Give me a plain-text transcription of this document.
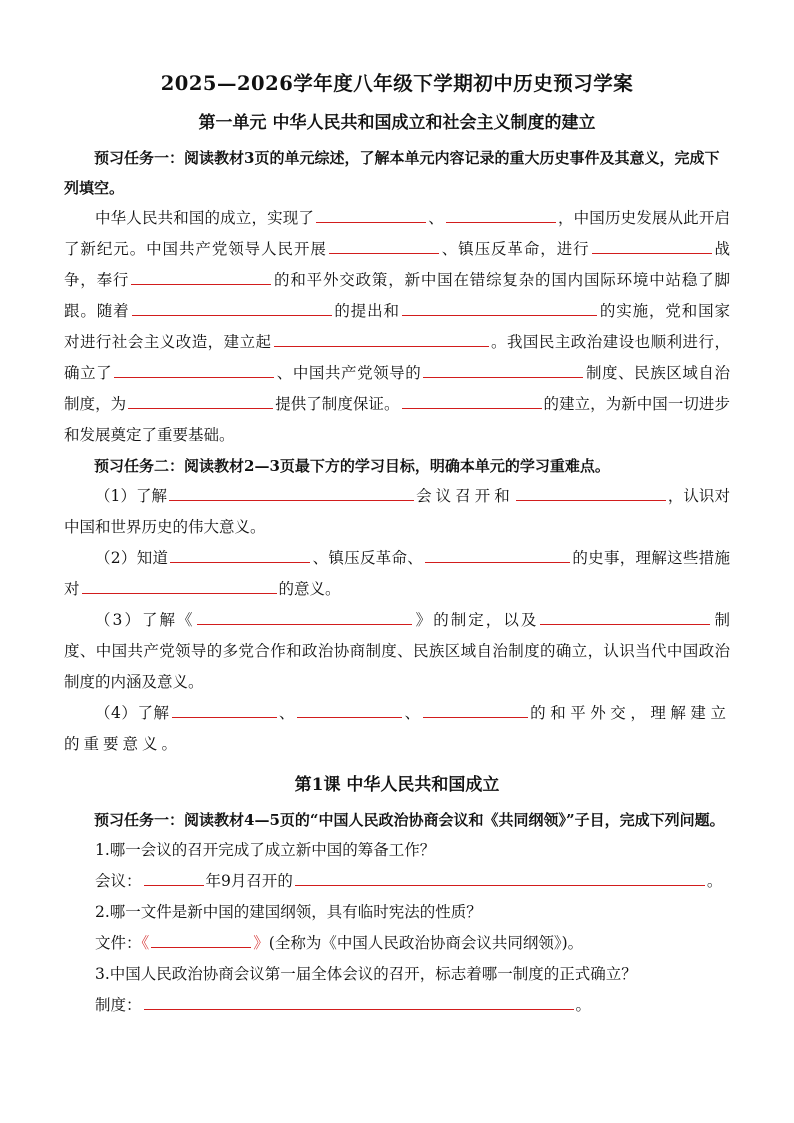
2025—2026学年度八年级下学期初中历史预习学案
第一单元 中华人民共和国成立和社会主义制度的建立

预习任务一：阅读教材3页的单元综述，了解本单元内容记录的重大历史事件及其意义，完成下列填空。

中华人民共和国的成立，实现了	、	，中国历史发展从此开启了新纪元。中国共产党领导人民开展	、镇压反革命，进行	战争，奉行	的和平外交政策，新中国在错综复杂的国内国际环境中站稳了脚跟。随着	的提出和	的实施，党和国家对进行社会主义改造，建立起	。我国民主政治建设也顺利进行，确立了	、中国共产党领导的	制度、民族区域自治制度，为	提供了制度保证。	的建立，为新中国一切进步和发展奠定了重要基础。

预习任务二：阅读教材2—3页最下方的学习目标，明确本单元的学习重难点。

（1）了解	会议召开和	，认识对中国和世界历史的伟大意义。

（2）知道	、镇压反革命、	的史事，理解这些措施对	的意义。

（3）了解《	》的制定，以及	制度、中国共产党领导的多党合作和政治协商制度、民族区域自治制度的确立，认识当代中国政治制度的内涵及意义。

（4）了解	、	、	的和平外交，理解建立的重要意义。

第1课 中华人民共和国成立

预习任务一：阅读教材4—5页的“中国人民政治协商会议和《共同纲领》”子目，完成下列问题。

1.哪一会议的召开完成了成立新中国的筹备工作？

会议：	年9月召开的	。

2.哪一文件是新中国的建国纲领，具有临时宪法的性质？

文件：《	》(全称为《中国人民政治协商会议共同纲领》)。

3.中国人民政治协商会议第一届全体会议的召开，标志着哪一制度的正式确立？

制度：	。
